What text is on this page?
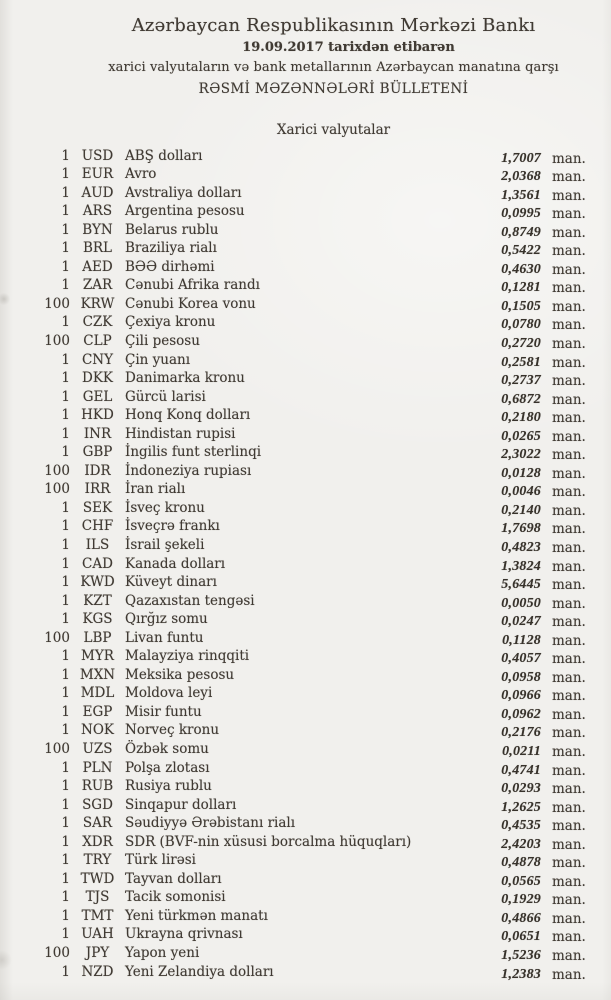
Azərbaycan Respublikasının Mərkəzi Bankı
19.09.2017 tarixdən etibarən
xarici valyutaların və bank metallarının Azərbaycan manatına qarşı
RƏSMİ MƏZƏNNƏLƏRİ BÜLLETENİ
Xarici valyutalar
1 USD ABŞ dolları	1,7007 man.
1 EUR Avro	2,0368 man.
1 AUD Avstraliya dolları	1,3561 man.
1 ARS Argentina pesosu	0,0995 man.
1 BYN Belarus rublu	0,8749 man.
1 BRL Braziliya rialı	0,5422 man.
1 AED BƏƏ dirhəmi	0,4630 man.
1 ZAR Cənubi Afrika randı	0,1281 man.
100 KRW Cənubi Korea vonu	0,1505 man.
1 CZK Çexiya kronu	0,0780 man.
100 CLP Çili pesosu	0,2720 man.
1 CNY Çin yuanı	0,2581 man.
1 DKK Danimarka kronu	0,2737 man.
1 GEL Gürcü larisi	0,6872 man.
1 HKD Honq Konq dolları	0,2180 man.
1	INR	Hindistan rupisi	0,0265 man.
1 GBP İngilis funt sterlinqi	2,3022 man.
100	IDR	İndoneziya rupiası	0,0128 man.
100	IRR	İran rialı	0,0046 man.
1 SEK İsveç kronu	0,2140 man.
1 CHF İsveçrə frankı	1,7698 man.
1	ILS	İsrail şekeli	0,4823 man.
1 CAD Kanada dolları	1,3824 man.
1 KWD Küveyt dinarı	5,6445 man.
1 KZT Qazaxıstan tengəsi	0,0050 man.
1 KGS Qırğız somu	0,0247 man.
100	LBP	Livan funtu	0,1128 man.
1 MYR Malayziya rinqqiti	0,4057 man.
1 MXN Meksika pesosu	0,0958 man.
1 MDL Moldova leyi	0,0966 man.
1 EGP Misir funtu	0,0962 man.
1 NOK Norveç kronu	0,2176 man.
100 UZS Özbək somu	0,0211 man.
1 PLN Polşa zlotası	0,4741 man.
1 RUB Rusiya rublu	0,0293 man.
1 SGD Sinqapur dolları	1,2625 man.
1 SAR Səudiyyə Ərəbistanı rialı	0,4535 man.
1 XDR SDR (BVF-nin xüsusi borcalma hüquqları)	2,4203 man.
1	TRY	Türk lirəsi	0,4878 man.
1 TWD Tayvan dolları	0,0565 man.
1	TJS	Tacik somonisi	0,1929 man.
1 TMT Yeni türkmən manatı	0,4866 man.
1 UAH Ukrayna qrivnası	0,0651 man.
100	JPY	Yapon yeni	1,5236 man.
1 NZD Yeni Zelandiya dolları	1,2383 man.
